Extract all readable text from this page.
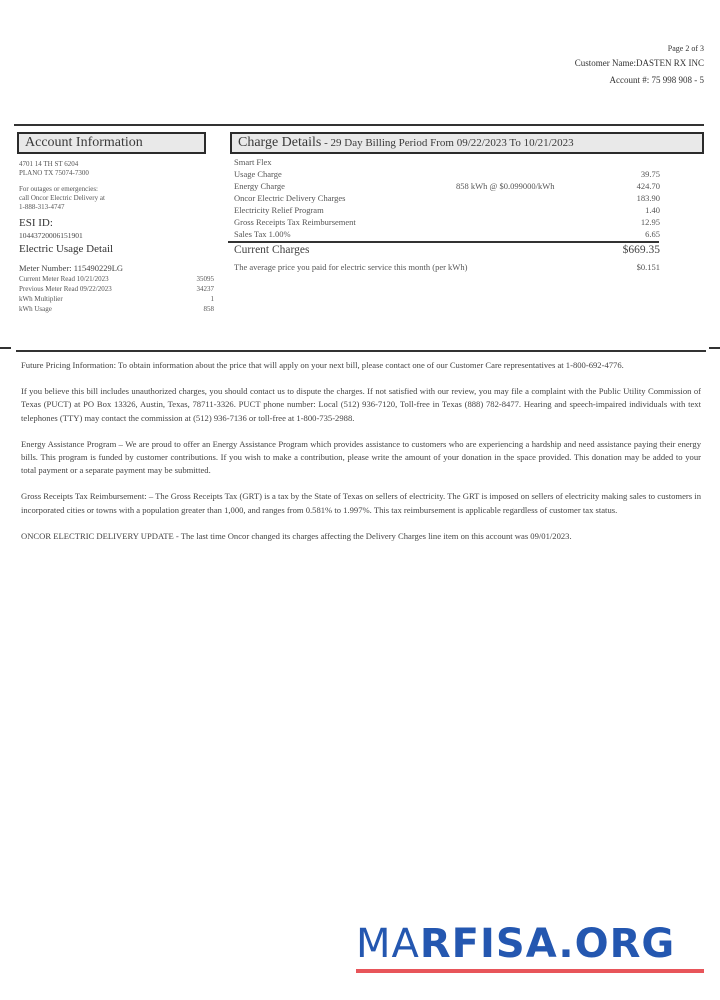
Page 2 of 3
Customer Name:DASTEN RX INC
Account #: 75 998 908 - 5
Account Information	Charge Details - 29 Day Billing Period From 09/22/2023 To 10/21/2023
4701 14 TH ST 6204
PLANO TX 75074-7300
For outages or emergencies:
call Oncor Electric Delivery at
1-888-313-4747
ESI ID:
10443720006151901
Electric Usage Detail
Meter Number: 115490229LG
Current Meter Read 10/21/2023	35095
Previous Meter Read 09/22/2023	34237
kWh Multiplier	1
kWh Usage	858
Smart Flex
Usage Charge	39.75
Energy Charge	858 kWh @ $0.099000/kWh	424.70
Oncor Electric Delivery Charges	183.90
Electricity Relief Program	1.40
Gross Receipts Tax Reimbursement	12.95
Sales Tax 1.00%	6.65
Current Charges	$669.35
The average price you paid for electric service this month (per kWh)	$0.151

Future Pricing Information: To obtain information about the price that will apply on your next bill, please contact one of our Customer Care representatives at 1-800-692-4776.

If you believe this bill includes unauthorized charges, you should contact us to dispute the charges. If not satisfied with our review, you may file a complaint with the Public Utility Commission of Texas (PUCT) at PO Box 13326, Austin, Texas, 78711-3326. PUCT phone number: Local (512) 936-7120, Toll-free in Texas (888) 782-8477. Hearing and speech-impaired individuals with text telephones (TTY) may contact the commission at (512) 936-7136 or toll-free at 1-800-735-2988.

Energy Assistance Program – We are proud to offer an Energy Assistance Program which provides assistance to customers who are experiencing a hardship and need assistance paying their energy bills. This program is funded by customer contributions. If you wish to make a contribution, please write the amount of your donation in the space provided. This donation may be added to your total payment or a separate payment may be submitted.

Gross Receipts Tax Reimbursement: – The Gross Receipts Tax (GRT) is a tax by the State of Texas on sellers of electricity. The GRT is imposed on sellers of electricity making sales to customers in incorporated cities or towns with a population greater than 1,000, and ranges from 0.581% to 1.997%. This tax reimbursement is applicable regardless of customer tax status.

ONCOR ELECTRIC DELIVERY UPDATE - The last time Oncor changed its charges affecting the Delivery Charges line item on this account was 09/01/2023.

MARFISA.ORG
